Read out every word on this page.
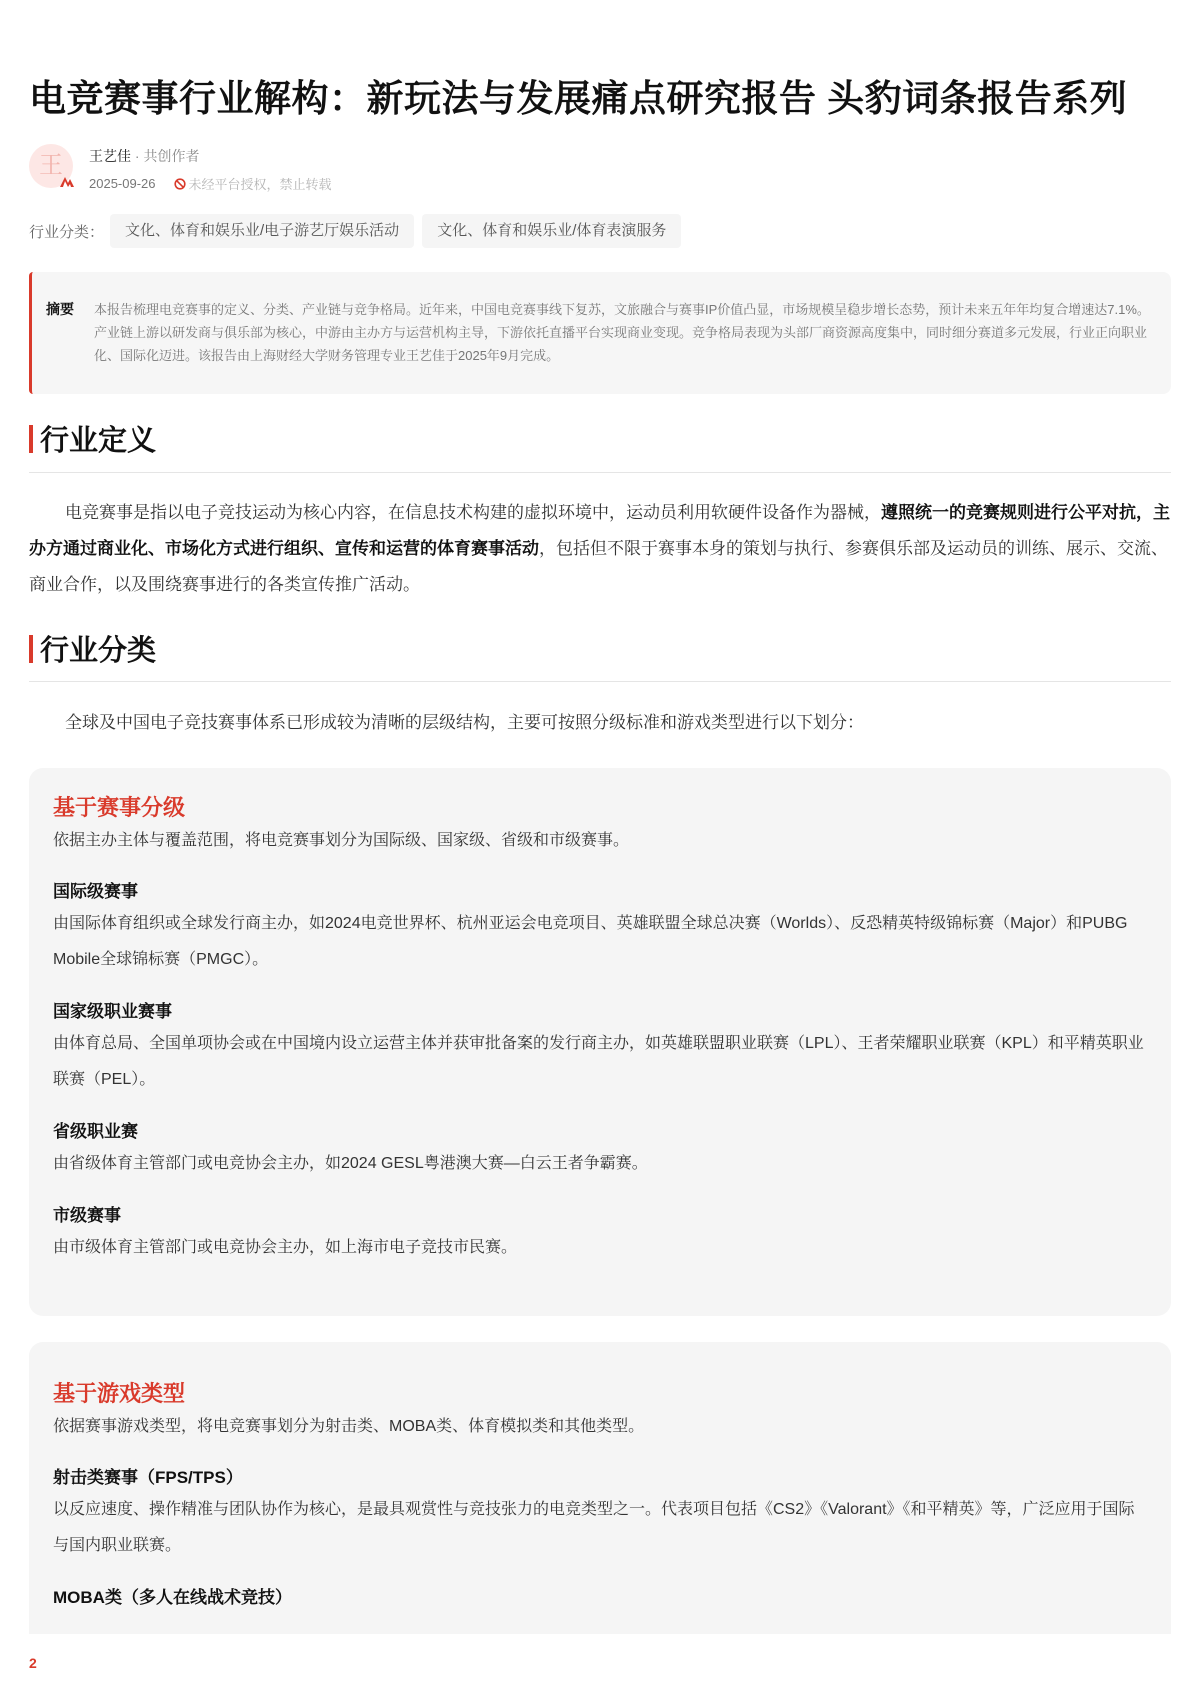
电竞赛事行业解构：新玩法与发展痛点研究报告 头豹词条报告系列
王	王艺佳 · 共创作者
2025-09-26	未经平台授权，禁止转载
行业分类：	文化、体育和娱乐业/电子游艺厅娱乐活动	文化、体育和娱乐业/体育表演服务
摘要	本报告梳理电竞赛事的定义、分类、产业链与竞争格局。近年来，中国电竞赛事线下复苏，文旅融合与赛事IP价值凸显，市场规模呈稳步增长态势，预计未来五年年均复合增速达7.1%。产业链上游以研发商与俱乐部为核心，中游由主办方与运营机构主导，下游依托直播平台实现商业变现。竞争格局表现为头部厂商资源高度集中，同时细分赛道多元发展，行业正向职业化、国际化迈进。该报告由上海财经大学财务管理专业王艺佳于2025年9月完成。
行业定义

电竞赛事是指以电子竞技运动为核心内容，在信息技术构建的虚拟环境中，运动员利用软硬件设备作为器械，遵照统一的竞赛规则进行公平对抗，主办方通过商业化、市场化方式进行组织、宣传和运营的体育赛事活动，包括但不限于赛事本身的策划与执行、参赛俱乐部及运动员的训练、展示、交流、商业合作，以及围绕赛事进行的各类宣传推广活动。

行业分类

全球及中国电子竞技赛事体系已形成较为清晰的层级结构，主要可按照分级标准和游戏类型进行以下划分：

基于赛事分级
依据主办主体与覆盖范围，将电竞赛事划分为国际级、国家级、省级和市级赛事。
国际级赛事
由国际体育组织或全球发行商主办，如2024电竞世界杯、杭州亚运会电竞项目、英雄联盟全球总决赛（Worlds）、反恐精英特级锦标赛（Major）和PUBG Mobile全球锦标赛（PMGC）。
国家级职业赛事
由体育总局、全国单项协会或在中国境内设立运营主体并获审批备案的发行商主办，如英雄联盟职业联赛（LPL）、王者荣耀职业联赛（KPL）和平精英职业联赛（PEL）。
省级职业赛
由省级体育主管部门或电竞协会主办，如2024 GESL粤港澳大赛—白云王者争霸赛。
市级赛事
由市级体育主管部门或电竞协会主办，如上海市电子竞技市民赛。
基于游戏类型
依据赛事游戏类型，将电竞赛事划分为射击类、MOBA类、体育模拟类和其他类型。
射击类赛事（FPS/TPS）
以反应速度、操作精准与团队协作为核心，是最具观赏性与竞技张力的电竞类型之一。代表项目包括《CS2》《Valorant》《和平精英》等，广泛应用于国际与国内职业联赛。
MOBA类（多人在线战术竞技）
2
